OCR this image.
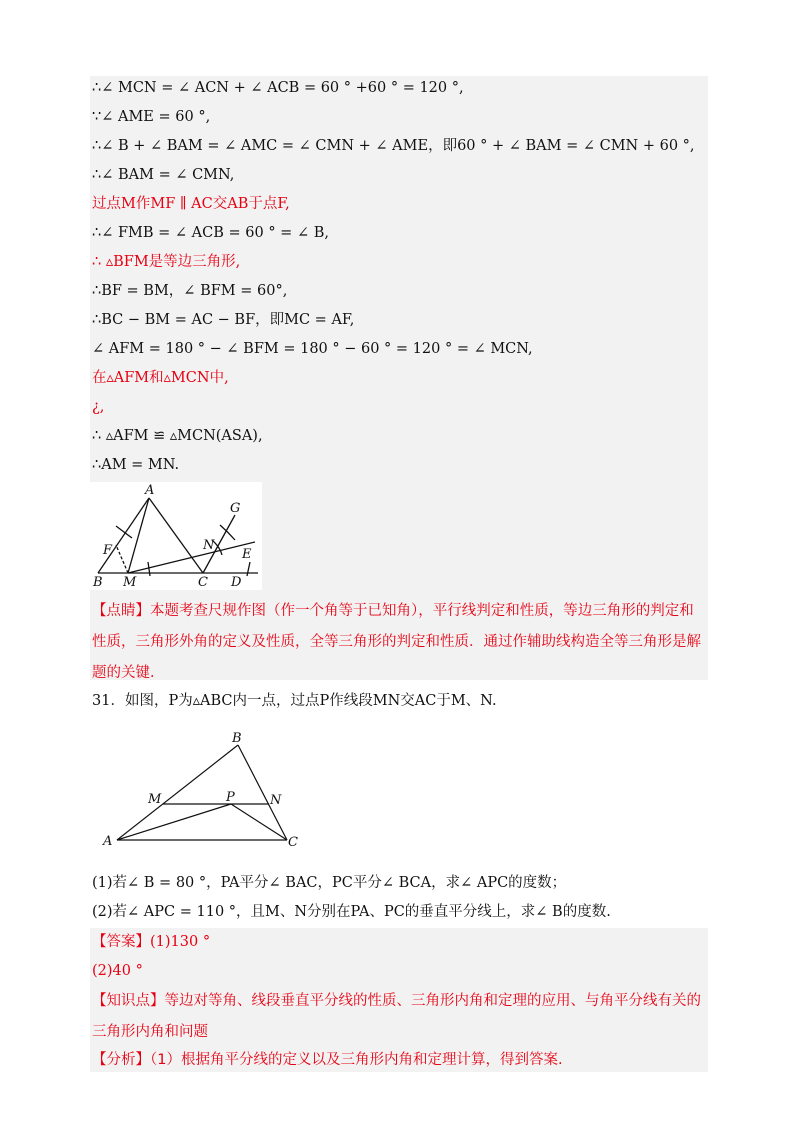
∴∠ MCN = ∠ ACN + ∠ ACB = 60 ° +60 ° = 120 °,
∵∠ AME = 60 °,
∴∠ B + ∠ BAM = ∠ AMC = ∠ CMN + ∠ AME，即60 ° + ∠ BAM = ∠ CMN + 60 °,
∴∠ BAM = ∠ CMN,
过点M作MF ∥ AC交AB于点F,
∴∠ FMB = ∠ ACB = 60 ° = ∠ B,
∴ ▵BFM是等边三角形,
∴BF = BM，∠ BFM = 60°,
∴BC − BM = AC − BF，即MC = AF,
∠ AFM = 180 ° − ∠ BFM = 180 ° − 60 ° = 120 ° = ∠ MCN,
在▵AFM和▵MCN中,
¿,
∴ ▵AFM ≌ ▵MCN(ASA),
∴AM = MN.
A
G
F	N
E
B M	C D
【点睛】本题考查尺规作图（作一个角等于已知角），平行线判定和性质，等边三角形的判定和性质，三角形外角的定义及性质，全等三角形的判定和性质．通过作辅助线构造全等三角形是解题的关键．
31．如图，P为▵ABC内一点，过点P作线段MN交AC于M、N.
B
M	P	N
A	C
(1)若∠ B = 80 °，PA平分∠ BAC，PC平分∠ BCA，求∠ APC的度数；
(2)若∠ APC = 110 °，且M、N分别在PA、PC的垂直平分线上，求∠ B的度数.
【答案】(1)130 °
(2)40 °
【知识点】等边对等角、线段垂直平分线的性质、三角形内角和定理的应用、与角平分线有关的三角形内角和问题
【分析】（1）根据角平分线的定义以及三角形内角和定理计算，得到答案.
